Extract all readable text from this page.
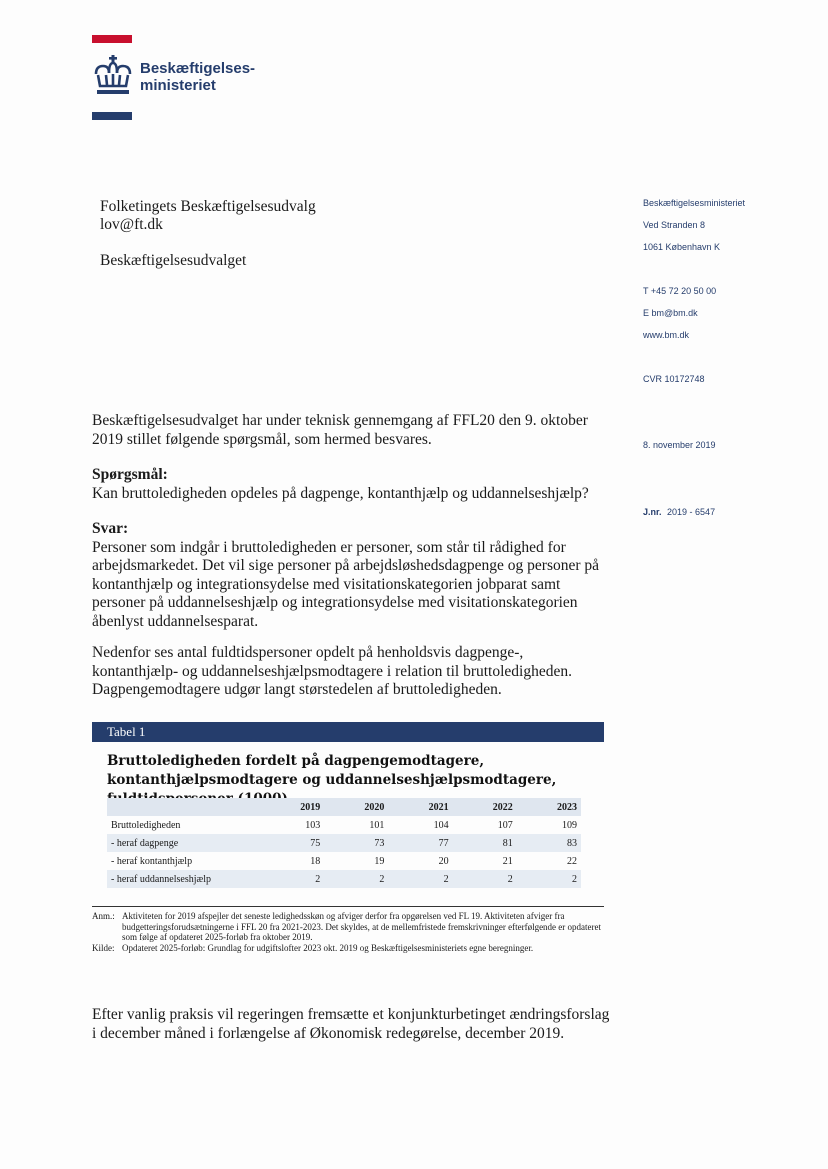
Beskæftigelses-
ministeriet
Folketingets Beskæftigelsesudvalg
lov@ft.dk
Beskæftigelsesudvalget
Beskæftigelsesministeriet
Ved Stranden 8
1061 København K
T +45 72 20 50 00
E bm@bm.dk
www.bm.dk
CVR 10172748
8. november 2019
J.nr. 2019 - 6547

Beskæftigelsesudvalget har under teknisk gennemgang af FFL20 den 9. oktober 2019 stillet følgende spørgsmål, som hermed besvares.

Spørgsmål:

Kan bruttoledigheden opdeles på dagpenge, kontanthjælp og uddannelseshjælp?

Svar:

Personer som indgår i bruttoledigheden er personer, som står til rådighed for arbejdsmarkedet. Det vil sige personer på arbejdsløshedsdagpenge og personer på kontanthjælp og integrationsydelse med visitationskategorien jobparat samt personer på uddannelseshjælp og integrationsydelse med visitationskategorien åbenlyst uddannelsesparat.

Nedenfor ses antal fuldtidspersoner opdelt på henholdsvis dagpenge-, kontanthjælp- og uddannelseshjælpsmodtagere i relation til bruttoledigheden. Dagpengemodtagere udgør langt størstedelen af bruttoledigheden.

Tabel 1
Bruttoledigheden fordelt på dagpengemodtagere, kontanthjælpsmodtagere og uddannelseshjælpsmodtagere,
	2019	2020	2021	2022	2023
Bruttoledigheden	103	101	104	107	109
- heraf dagpenge	75	73	77	81	83
- heraf kontanthjælp	18	19	20	21	22
- heraf uddannelseshjælp	2	2	2	2	2
Anm.: Aktiviteten for 2019 afspejler det seneste ledighedsskøn og afviger derfor fra opgørelsen ved FL 19. Aktiviteten afviger fra budgetteringsforudsætningerne i FFL 20 fra 2021-2023. Det skyldes, at de mellemfristede fremskrivninger efterfølgende er opdateret som følge af opdateret 2025-forløb fra oktober 2019.
Kilde: Opdateret 2025-forløb: Grundlag for udgiftslofter 2023 okt. 2019 og Beskæftigelsesministeriets egne beregninger.
Efter vanlig praksis vil regeringen fremsætte et konjunkturbetinget ændringsforslag i december måned i forlængelse af Økonomisk redegørelse, december 2019.
